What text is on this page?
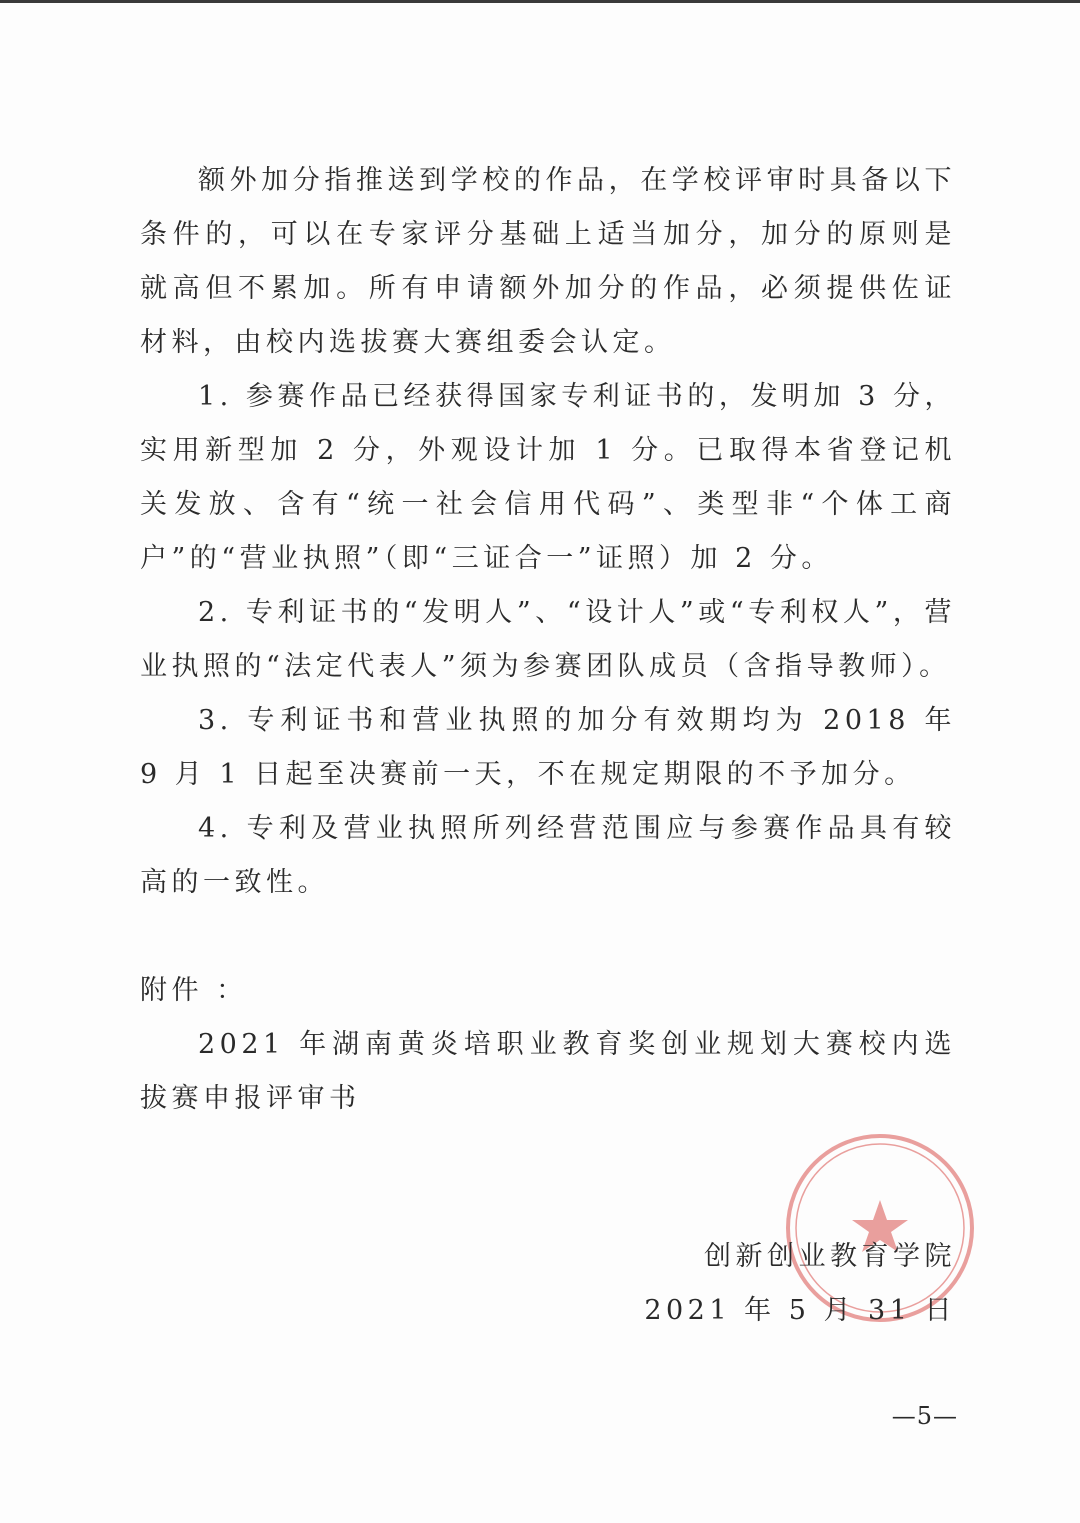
额外加分指推送到学校的作品，在学校评审时具备以下条件的，可以在专家评分基础上适当加分，加分的原则是就高但不累加。所有申请额外加分的作品，必须提供佐证材料，由校内选拔赛大赛组委会认定。

1. 参赛作品已经获得国家专利证书的，发明加 3 分，实用新型加 2 分，外观设计加 1 分。已取得本省登记机关发放、含有“统一社会信用代码”、类型非“个体工商户”的“营业执照”（即“三证合一”证照）加 2 分。

2. 专利证书的“发明人”、“设计人”或“专利权人”，营业执照的“法定代表人”须为参赛团队成员（含指导教师）。

3. 专利证书和营业执照的加分有效期均为 2018 年 9 月 1 日起至决赛前一天，不在规定期限的不予加分。

4. 专利及营业执照所列经营范围应与参赛作品具有较高的一致性。

附件 ：

2021 年湖南黄炎培职业教育奖创业规划大赛校内选拔赛申报评审书

创新创业教育学院

2021 年 5 月 31 日

—5—
